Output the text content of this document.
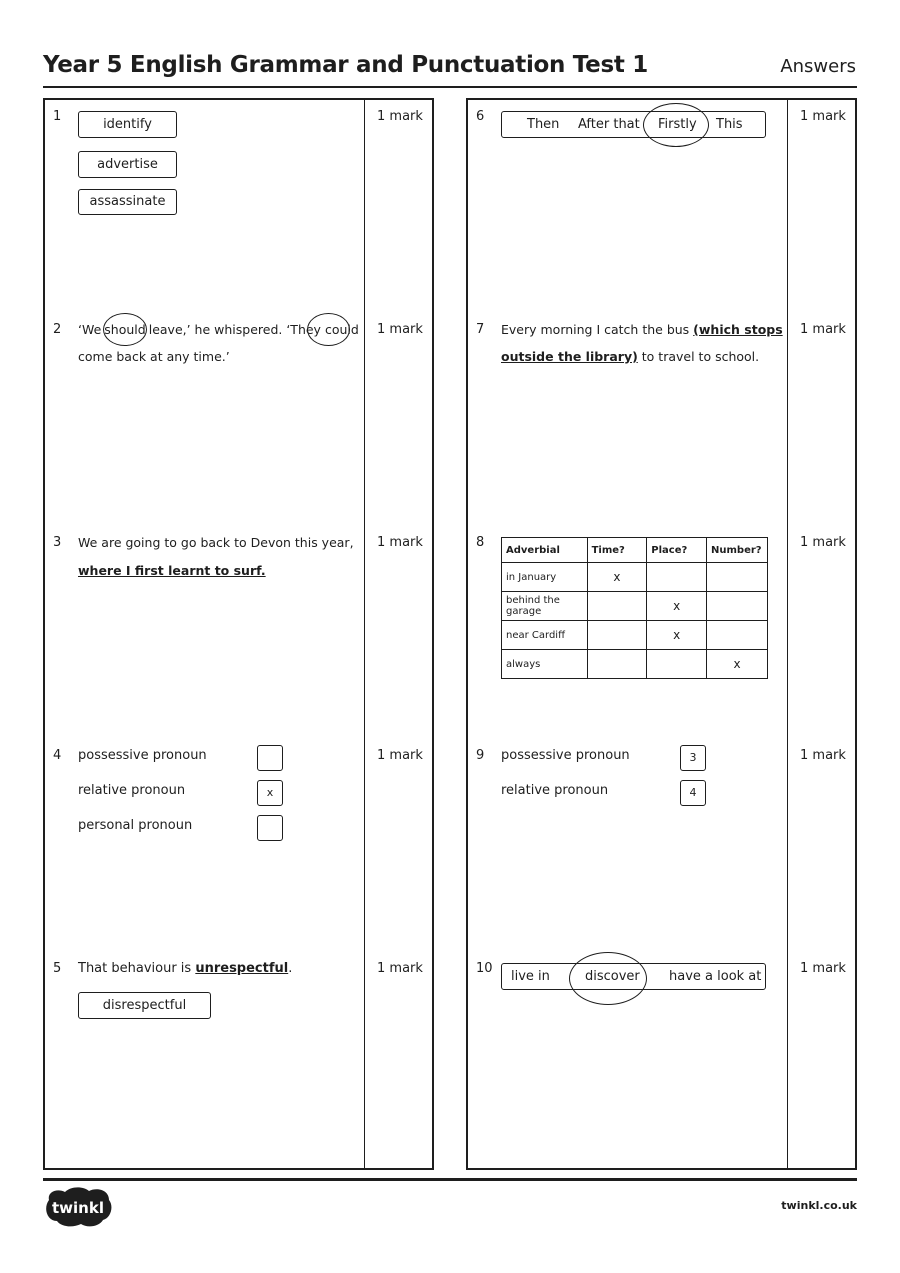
Year 5 English Grammar and Punctuation Test 1	Answers
1
identify
advertise
assassinate
1 mark
2 ‘We should leave,’ he whispered. ‘They could
come back at any time.’
1 mark
3 We are going to go back to Devon this year,
where I first learnt to surf.
1 mark
4 possessive pronoun
relative pronoun	x
personal pronoun
1 mark
5 That behaviour is unrespectful.
disrespectful
1 mark
6
Then After that Firstly This
1 mark
7 Every morning I catch the bus (which stops
outside the library) to travel to school.
1 mark
8 Adverbial	Time?	Place?	Number?
in January	x		
behind the garage		x	
near Cardiff		x	
always			x
1 mark
9 possessive pronoun	3
relative pronoun	4
1 mark
10
live in	discover have a look at
1 mark
twinkl	twinkl.co.uk
